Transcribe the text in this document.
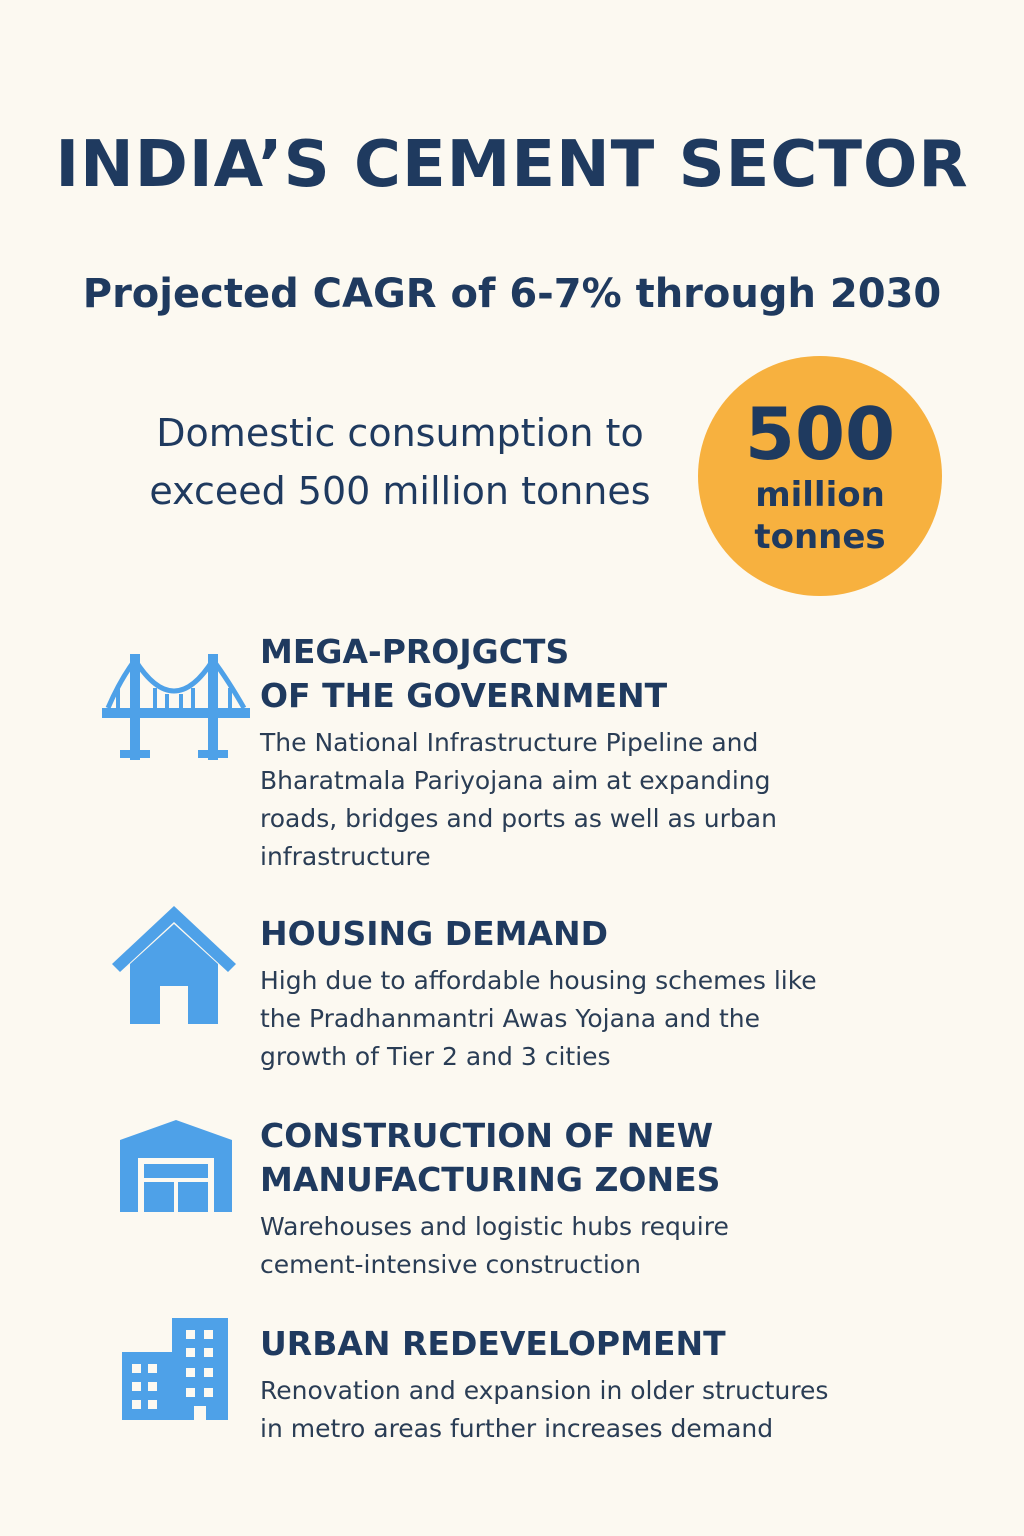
INDIA’S CEMENT SECTOR
Projected CAGR of 6-7% through 2030
Domestic consumption to
exceed 500 million tonnes
500
million
tonnes
MEGA-PROJGCTS
OF THE GOVERNMENT
The National Infrastructure Pipeline and
Bharatmala Pariyojana aim at expanding
roads, bridges and ports as well as urban
infrastructure
HOUSING DEMAND
High due to affordable housing schemes like
the Pradhanmantri Awas Yojana and the
growth of Tier 2 and 3 cities
CONSTRUCTION OF NEW
MANUFACTURING ZONES
Warehouses and logistic hubs require
cement-intensive construction
URBAN REDEVELOPMENT
Renovation and expansion in older structures
in metro areas further increases demand
